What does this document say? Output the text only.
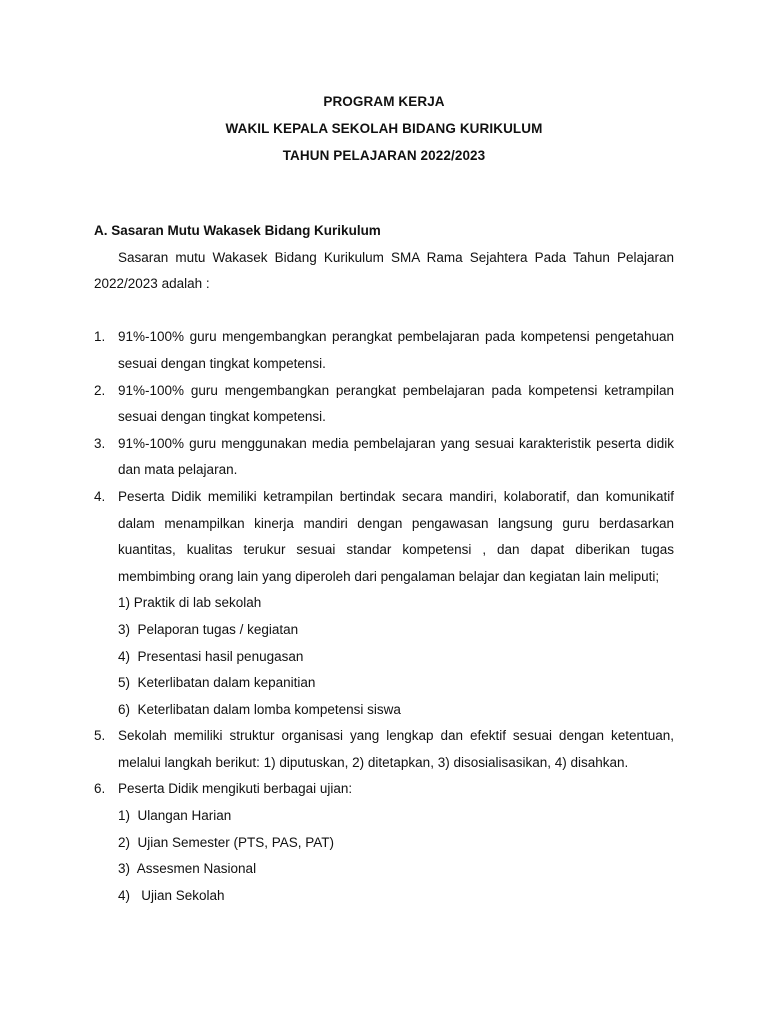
PROGRAM KERJA
WAKIL KEPALA SEKOLAH BIDANG KURIKULUM
TAHUN PELAJARAN 2022/2023

A. Sasaran Mutu Wakasek Bidang Kurikulum

Sasaran mutu Wakasek Bidang Kurikulum SMA Rama Sejahtera Pada Tahun Pelajaran 2022/2023 adalah :

1. 91%-100% guru mengembangkan perangkat pembelajaran pada kompetensi pengetahuan sesuai dengan tingkat kompetensi.
2. 91%-100% guru mengembangkan perangkat pembelajaran pada kompetensi ketrampilan sesuai dengan tingkat kompetensi.
3. 91%-100% guru menggunakan media pembelajaran yang sesuai karakteristik peserta didik dan mata pelajaran.
4. Peserta Didik memiliki ketrampilan bertindak secara mandiri, kolaboratif, dan komunikatif dalam menampilkan kinerja mandiri dengan pengawasan langsung guru berdasarkan kuantitas, kualitas terukur sesuai standar kompetensi , dan dapat diberikan tugas membimbing orang lain yang diperoleh dari pengalaman belajar dan kegiatan lain meliputi;

1) Praktik di lab sekolah

3)  Pelaporan tugas / kegiatan

4)  Presentasi hasil penugasan

5)  Keterlibatan dalam kepanitian

6)  Keterlibatan dalam lomba kompetensi siswa

5. Sekolah memiliki struktur organisasi yang lengkap dan efektif sesuai dengan ketentuan, melalui langkah berikut: 1) diputuskan, 2) ditetapkan, 3) disosialisasikan, 4) disahkan.
6. Peserta Didik mengikuti berbagai ujian:

1)  Ulangan Harian

2)  Ujian Semester (PTS, PAS, PAT)

3)  Assesmen Nasional

4)   Ujian Sekolah
